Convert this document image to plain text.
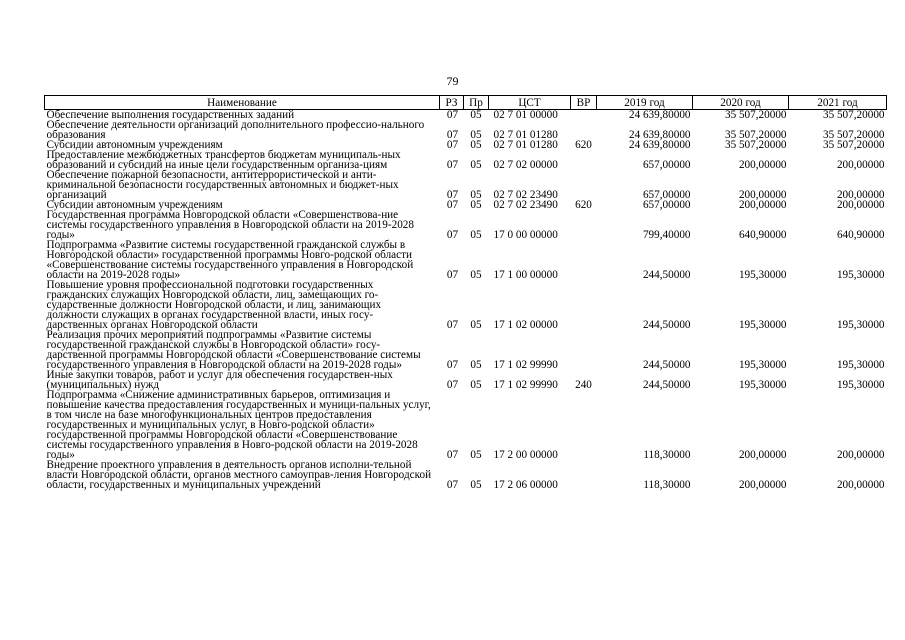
79
Наименование	РЗ	Пр	ЦСТ	ВР	2019 год	2020 год	2021 год
Обеспечение выполнения государственных заданий	07	05	02 7 01 00000		24 639,80000	35 507,20000	35 507,20000
Обеспечение деятельности организаций дополнительного профессио-нального образования	07	05	02 7 01 01280		24 639,80000	35 507,20000	35 507,20000
Субсидии автономным учреждениям	07	05	02 7 01 01280	620	24 639,80000	35 507,20000	35 507,20000
Предоставление межбюджетных трансфертов бюджетам муниципаль-ных образований и субсидий на иные цели государственным организа-циям	07	05	02 7 02 00000		657,00000	200,00000	200,00000
Обеспечение пожарной безопасности, антитеррористической и анти-криминальной безопасности государственных автономных и бюджет-ных организаций	07	05	02 7 02 23490		657,00000	200,00000	200,00000
Субсидии автономным учреждениям	07	05	02 7 02 23490	620	657,00000	200,00000	200,00000
Государственная программа Новгородской области «Совершенствова-ние системы государственного управления в Новгородской области на 2019-2028 годы»	07	05	17 0 00 00000		799,40000	640,90000	640,90000
Подпрограмма «Развитие системы государственной гражданской службы в Новгородской области» государственной программы Новго-родской области «Совершенствование системы государственного управления в Новгородской области на 2019-2028 годы»	07	05	17 1 00 00000		244,50000	195,30000	195,30000
Повышение уровня профессиональной подготовки государственных гражданских служащих Новгородской области, лиц, замещающих го-сударственные должности Новгородской области, и лиц, занимающих должности служащих в органах государственной власти, иных госу-дарственных органах Новгородской области	07	05	17 1 02 00000		244,50000	195,30000	195,30000
Реализация прочих мероприятий подпрограммы «Развитие системы государственной гражданской службы в Новгородской области» госу-дарственной программы Новгородской области «Совершенствование системы государственного управления в Новгородской области на 2019-2028 годы»	07	05	17 1 02 99990		244,50000	195,30000	195,30000
Иные закупки товаров, работ и услуг для обеспечения государствен-ных (муниципальных) нужд	07	05	17 1 02 99990	240	244,50000	195,30000	195,30000
Подпрограмма «Снижение административных барьеров, оптимизация и повышение качества предоставления государственных и муници-пальных услуг, в том числе на базе многофункциональных центров предоставления государственных и муниципальных услуг, в Новго-родской области» государственной программы Новгородской области «Совершенствование системы государственного управления в Новго-родской области на 2019-2028 годы»	07	05	17 2 00 00000		118,30000	200,00000	200,00000
Внедрение проектного управления в деятельность органов исполни-тельной власти Новгородской области, органов местного самоуправ-ления Новгородской области, государственных и муниципальных учреждений	07	05	17 2 06 00000		118,30000	200,00000	200,00000
